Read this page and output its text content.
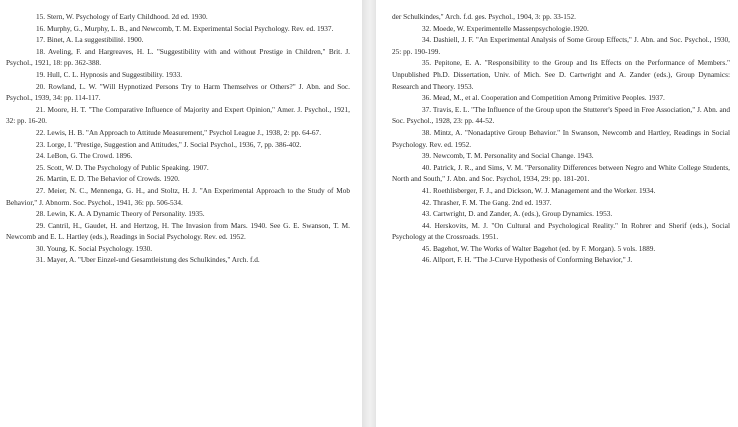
15. Stern, W. Psychology of Early Childhood. 2d ed. 1930.

16. Murphy, G., Murphy, L. B., and Newcomb, T. M. Experimental Social Psychology. Rev. ed. 1937.

17. Binet, A. La suggestibilité. 1900.

18. Aveling, F. and Hargreaves, H. L. "Suggestibility with and without Prestige in Children," Brit. J. Psychol., 1921, 18: pp. 362-388.

19. Hull, C. L. Hypnosis and Suggestibility. 1933.

20. Rowland, L. W. "Will Hypnotized Persons Try to Harm Themselves or Others?" J. Abn. and Soc. Psychol., 1939, 34: pp. 114-117.

21. Moore, H. T. "The Comparative Influence of Majority and Expert Opinion," Amer. J. Psychol., 1921, 32: pp. 16-20.

22. Lewis, H. B. "An Approach to Attitude Measurement," Psychol League J., 1938, 2: pp. 64-67.

23. Lorge, I. "Prestige, Suggestion and Attitudes," J. Social Psychol., 1936, 7, pp. 386-402.

24. LeBon, G. The Crowd. 1896.

25. Scott, W. D. The Psychology of Public Speaking. 1907.

26. Martin, E. D. The Behavior of Crowds. 1920.

27. Meier, N. C., Mennenga, G. H., and Stoltz, H. J. "An Experimental Approach to the Study of Mob Behavior," J. Abnorm. Soc. Psychol., 1941, 36: pp. 506-534.

28. Lewin, K. A. A Dynamic Theory of Personality. 1935.

29. Cantril, H., Gaudet, H. and Hertzog, H. The Invasion from Mars. 1940. See G. E. Swanson, T. M. Newcomb and E. L. Hartley (eds.), Readings in Social Psychology. Rev. ed. 1952.

30. Young, K. Social Psychology. 1930.

31. Mayer, A. "Uber Einzel-und Gesamtleistung des Schulkindes," Arch. f.d.

der Schulkindes," Arch. f.d. ges. Psychol., 1904, 3: pp. 33-152.

32. Moede, W. Experimentelle Massenpsychologie.1920.

34. Dashiell, J. F. "An Experimental Analysis of Some Group Effects," J. Abn. and Soc. Psychol., 1930, 25: pp. 190-199.

35. Pepitone, E. A. "Responsibility to the Group and Its Effects on the Performance of Members." Unpublished Ph.D. Dissertation, Univ. of Mich. See D. Cartwright and A. Zander (eds.), Group Dynamics: Research and Theory. 1953.

36. Mead, M., et al. Cooperation and Competition Among Primitive Peoples. 1937.

37. Travis, E. L. "The Influence of the Group upon the Stutterer's Speed in Free Association," J. Abn. and Soc. Psychol., 1928, 23: pp. 44-52.

38. Mintz, A. "Nonadaptive Group Behavior." In Swanson, Newcomb and Hartley, Readings in Social Psychology. Rev. ed. 1952.

39. Newcomb, T. M. Personality and Social Change. 1943.

40. Patrick, J. R., and Sims, V. M. "Personality Differences between Negro and White College Students, North and South," J. Abn. and Soc. Psychol, 1934, 29: pp. 181-201.

41. Roethlisberger, F. J., and Dickson, W. J. Management and the Worker. 1934.

42. Thrasher, F. M. The Gang. 2nd ed. 1937.

43. Cartwright, D. and Zander, A. (eds.), Group Dynamics. 1953.

44. Herskovits, M. J. "On Cultural and Psychological Reality." In Rohrer and Sherif (eds.), Social Psychology at the Crossroads. 1951.

45. Bagehot, W. The Works of Walter Bagehot (ed. by F. Morgan). 5 vols. 1889.

46. Allport, F. H. "The J-Curve Hypothesis of Conforming Behavior," J.
